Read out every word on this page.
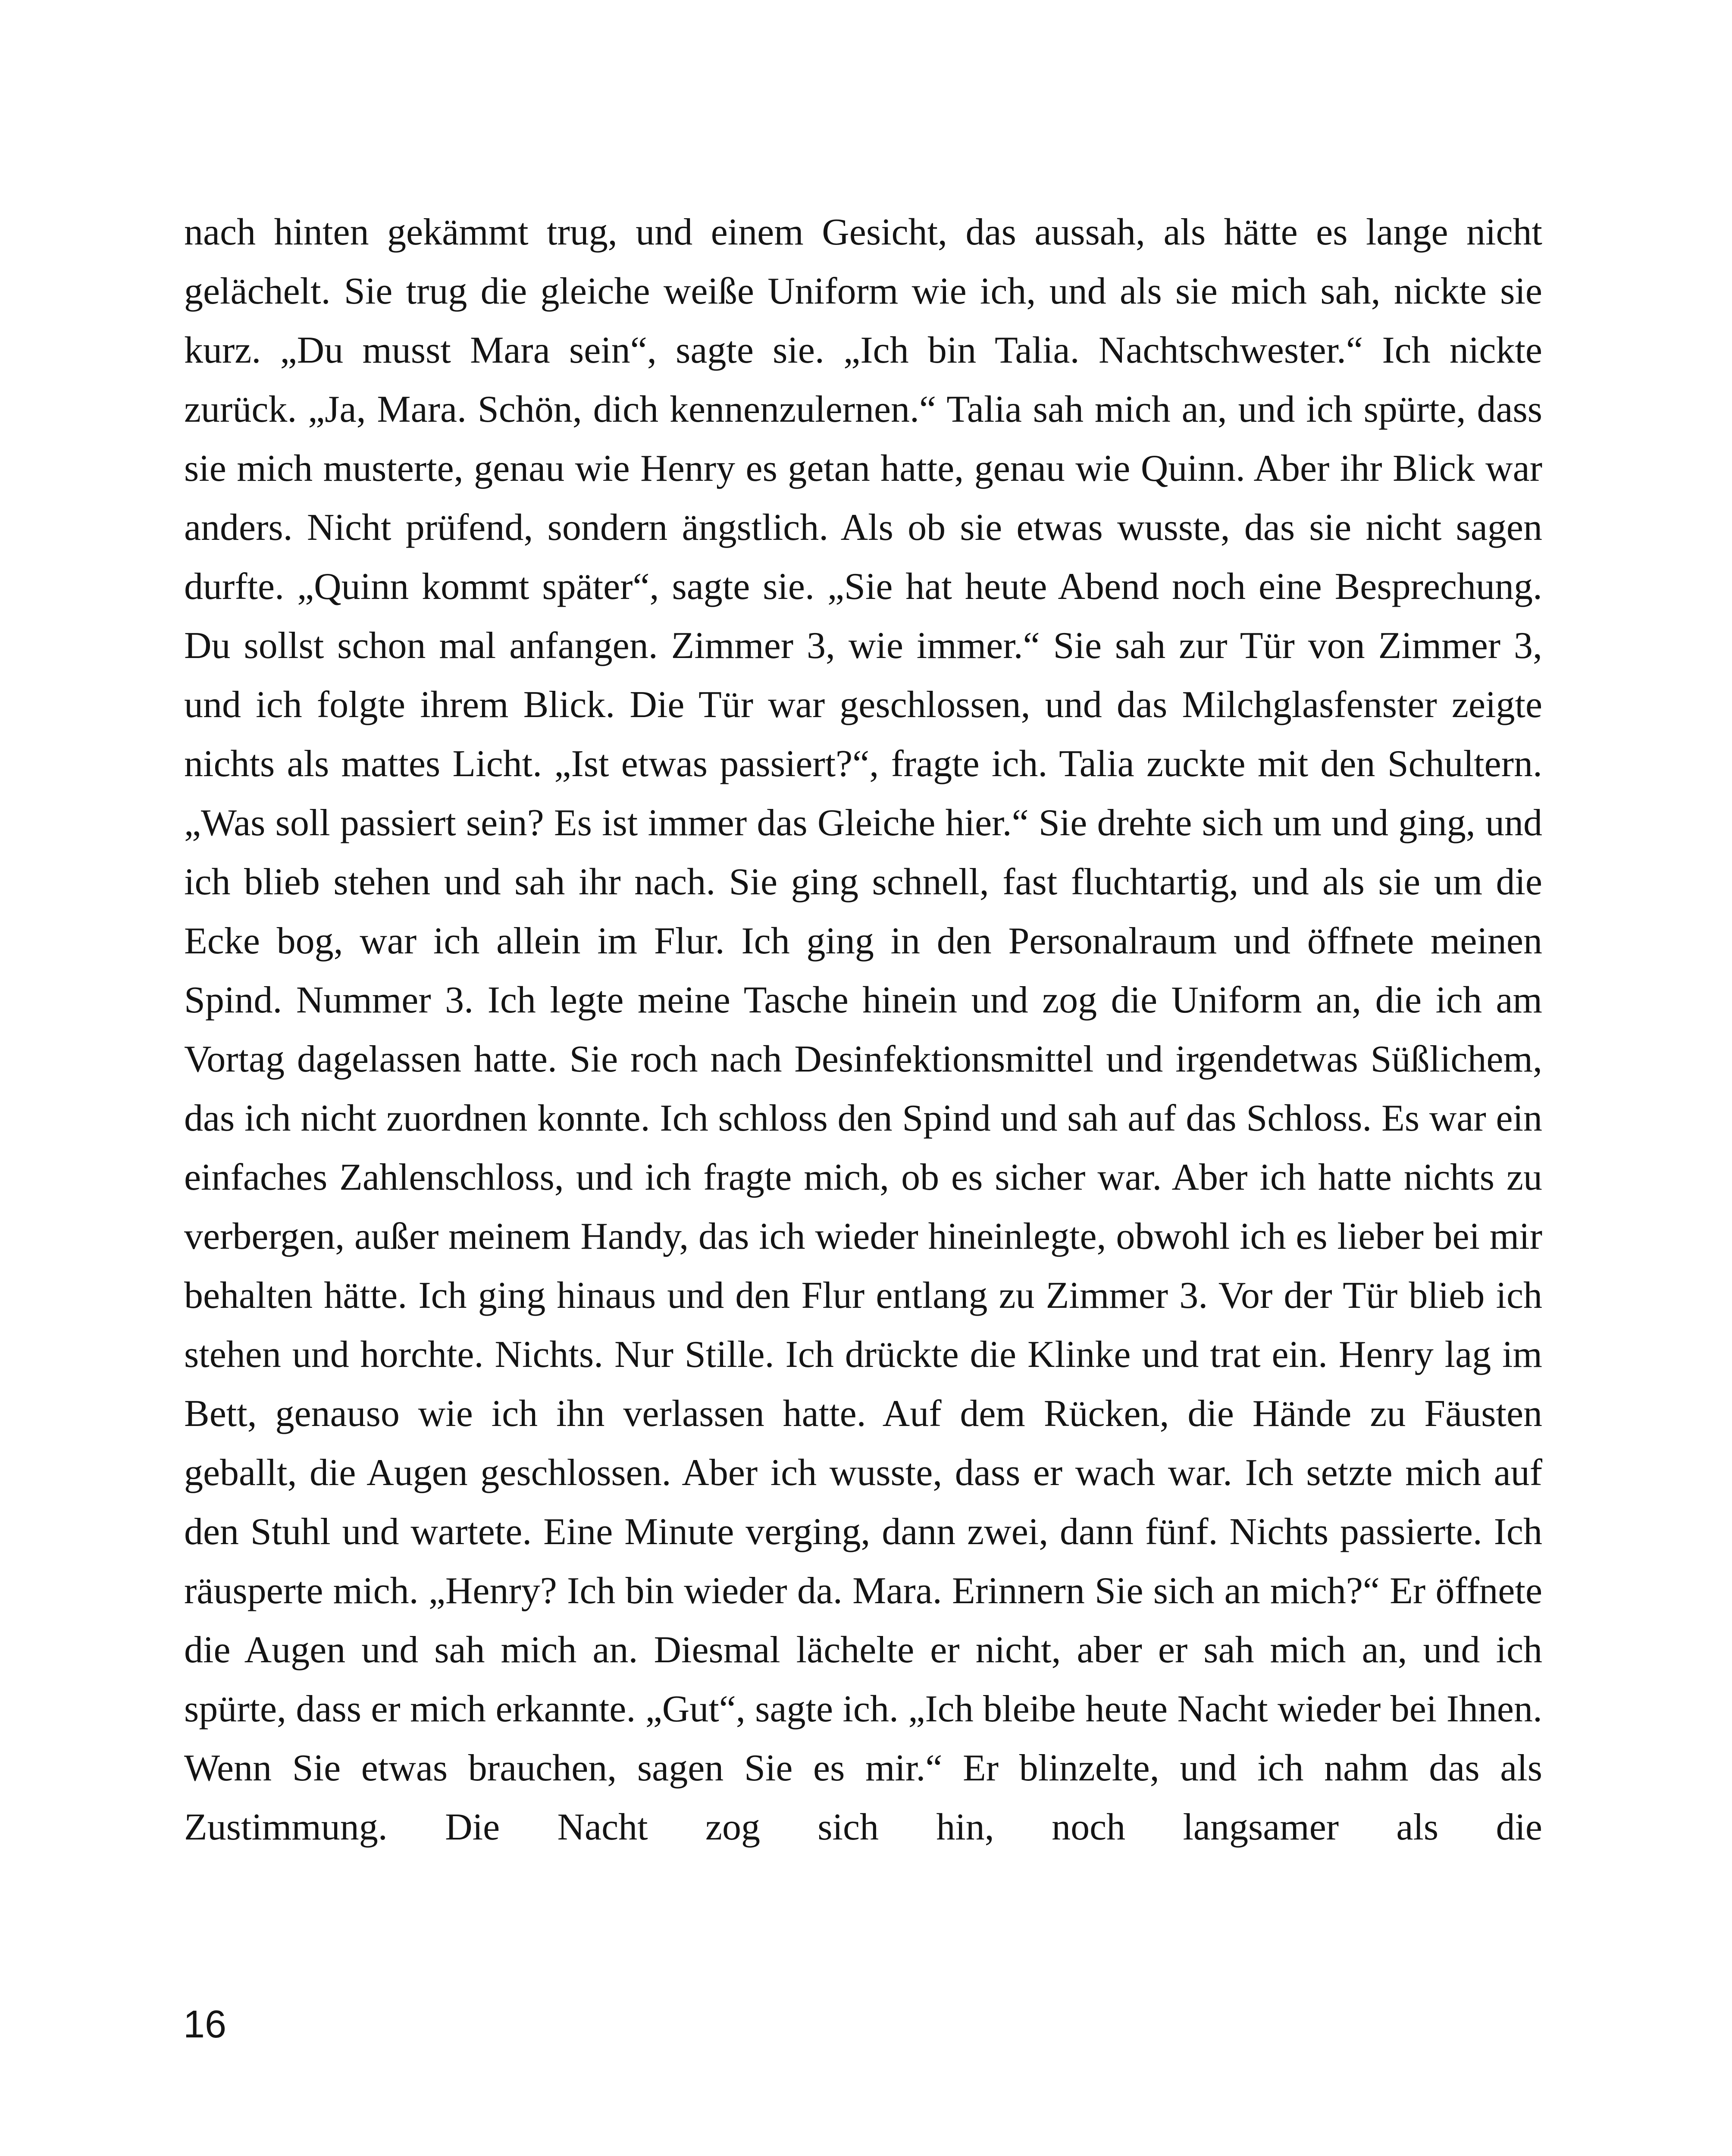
nach hinten gekämmt trug, und einem Gesicht, das aussah, als hätte es lange nicht gelächelt. Sie trug die gleiche weiße Uniform wie ich, und als sie mich sah, nickte sie kurz. „Du musst Mara sein“, sagte sie. „Ich bin Talia. Nachtschwester.“ Ich nickte zurück. „Ja, Mara. Schön, dich kennenzulernen.“ Talia sah mich an, und ich spürte, dass sie mich musterte, genau wie Henry es getan hatte, genau wie Quinn. Aber ihr Blick war anders. Nicht prüfend, sondern ängstlich. Als ob sie etwas wusste, das sie nicht sagen durfte. „Quinn kommt später“, sagte sie. „Sie hat heute Abend noch eine Besprechung. Du sollst schon mal anfangen. Zimmer 3, wie immer.“ Sie sah zur Tür von Zimmer 3, und ich folgte ihrem Blick. Die Tür war geschlossen, und das Milchglasfenster zeigte nichts als mattes Licht. „Ist etwas passiert?“, fragte ich. Talia zuckte mit den Schultern. „Was soll passiert sein? Es ist immer das Gleiche hier.“ Sie drehte sich um und ging, und ich blieb stehen und sah ihr nach. Sie ging schnell, fast fluchtartig, und als sie um die Ecke bog, war ich allein im Flur. Ich ging in den Personalraum und öffnete meinen Spind. Nummer 3. Ich legte meine Tasche hinein und zog die Uniform an, die ich am Vortag dagelassen hatte. Sie roch nach Desinfektionsmittel und irgendetwas Süßlichem, das ich nicht zuordnen konnte. Ich schloss den Spind und sah auf das Schloss. Es war ein einfaches Zahlenschloss, und ich fragte mich, ob es sicher war. Aber ich hatte nichts zu verbergen, außer meinem Handy, das ich wieder hineinlegte, obwohl ich es lieber bei mir behalten hätte. Ich ging hinaus und den Flur entlang zu Zimmer 3. Vor der Tür blieb ich stehen und horchte. Nichts. Nur Stille. Ich drückte die Klinke und trat ein. Henry lag im Bett, genauso wie ich ihn verlassen hatte. Auf dem Rücken, die Hände zu Fäusten geballt, die Augen geschlossen. Aber ich wusste, dass er wach war. Ich setzte mich auf den Stuhl und wartete. Eine Minute verging, dann zwei, dann fünf. Nichts passierte. Ich räusperte mich. „Henry? Ich bin wieder da. Mara. Erinnern Sie sich an mich?“ Er öffnete die Augen und sah mich an. Diesmal lächelte er nicht, aber er sah mich an, und ich spürte, dass er mich erkannte. „Gut“, sagte ich. „Ich bleibe heute Nacht wieder bei Ihnen. Wenn Sie etwas brauchen, sagen Sie es mir.“ Er blinzelte, und ich nahm das als Zustimmung. Die Nacht zog sich hin, noch langsamer als die

16
